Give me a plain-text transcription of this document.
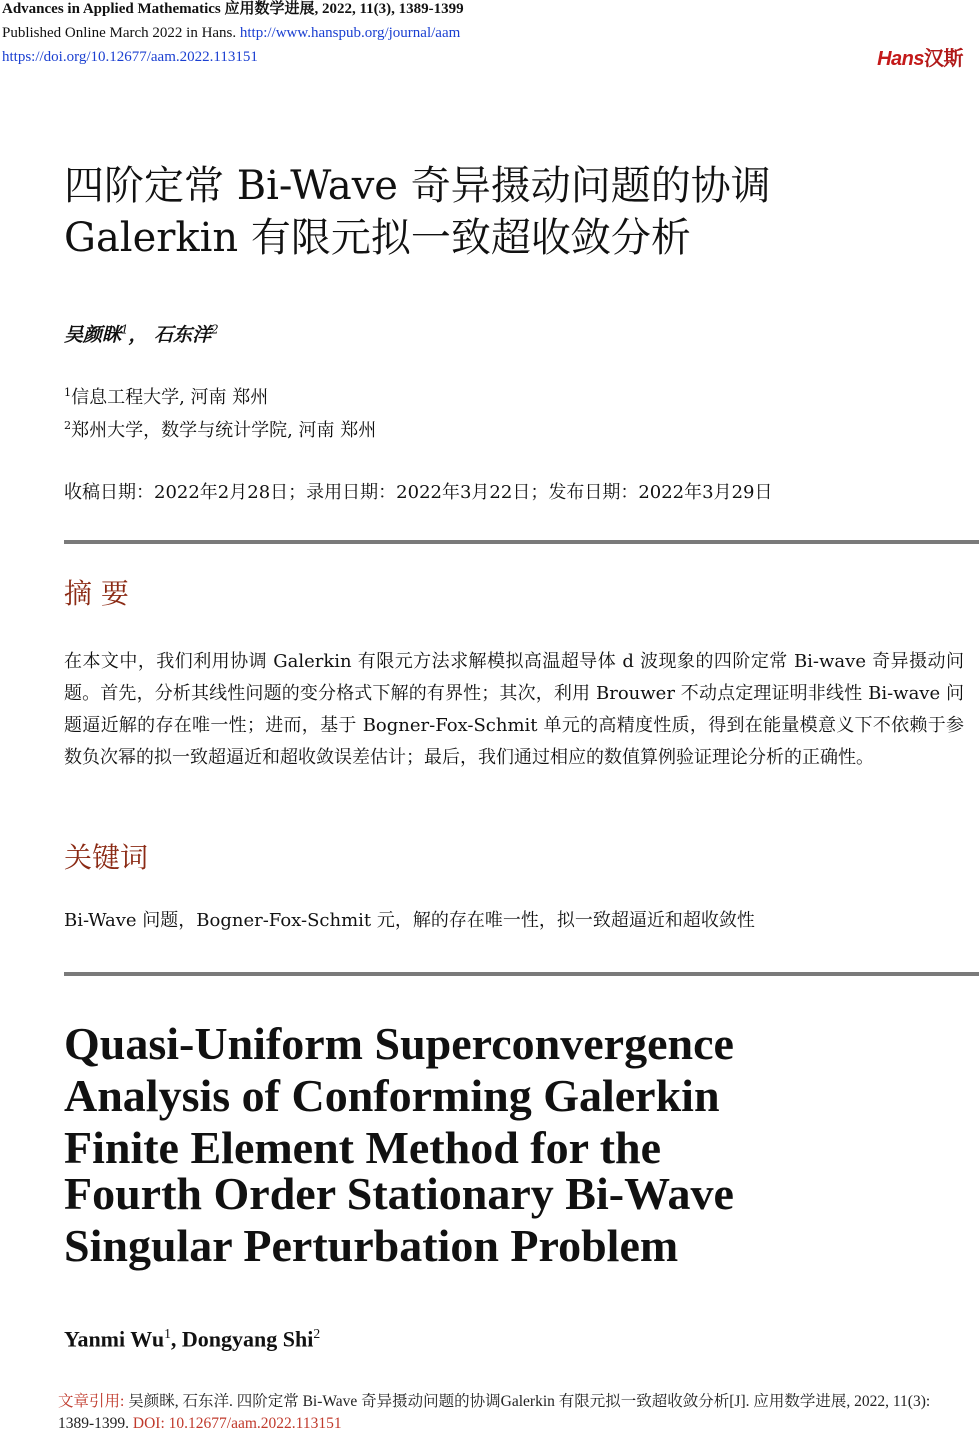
Advances in Applied Mathematics 应用数学进展, 2022, 11(3), 1389-1399
Published Online March 2022 in Hans. http://www.hanspub.org/journal/aam
https://doi.org/10.12677/aam.2022.113151	Hans汉斯
四阶定常 Bi-Wave 奇异摄动问题的协调
Galerkin 有限元拟一致超收敛分析
吴颜眯$^1$， 石东洋$^2$
$^1$信息工程大学, 河南 郑州
$^2$郑州大学，数学与统计学院, 河南 郑州
收稿日期：2022年2月28日；录用日期：2022年3月22日；发布日期：2022年3月29日
摘 要
在本文中，我们利用协调 Galerkin 有限元方法求解模拟高温超导体 d 波现象的四阶定常 Bi-wave 奇异摄动问题。首先，分析其线性问题的变分格式下解的有界性；其次，利用 Brouwer 不动点定理证明非线性 Bi-wave 问题逼近解的存在唯一性；进而，基于 Bogner-Fox-Schmit 单元的高精度性质，得到在能量模意义下不依赖于参数负次幂的拟一致超逼近和超收敛误差估计；最后，我们通过相应的数值算例验证理论分析的正确性。
关键词
Bi-Wave 问题，Bogner-Fox-Schmit 元，解的存在唯一性，拟一致超逼近和超收敛性
Quasi-Uniform Superconvergence
Analysis of Conforming Galerkin
Finite Element Method for the
Fourth Order Stationary Bi-Wave
Singular Perturbation Problem
Yanmi Wu$^1$, Dongyang Shi$^2$
文章引用: 吴颜眯, 石东洋. 四阶定常 Bi-Wave 奇异摄动问题的协调Galerkin 有限元拟一致超收敛分析[J]. 应用数学进展, 2022, 11(3): 1389-1399. DOI: 10.12677/aam.2022.113151
